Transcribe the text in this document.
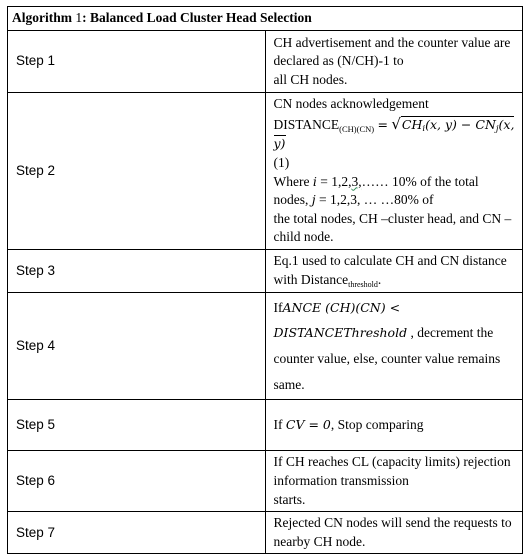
Algorithm 1: Balanced Load Cluster Head Selection	
Step 1	CH advertisement and the counter value are declared as (N/CH)-1 to
all CH nodes.
Step 2	CN nodes acknowledgement
$DISTANCE_{(CH)(CN)} = √CH_i(x$, $y) - CN_j(x$, y)
(1)
Where i = 1,2,3,…… 10% of the total nodes, j = 1,2,3, … …80% of
the total nodes, CH –cluster head, and CN – child node.
Step 3	Eq.1 used to calculate CH and CN distance with Distance$_{threshold}$.
Step 4	IfANCE (CH)(CN) < DISTANCEThreshold , decrement the
counter value, else, counter value remains same.
Step 5	If CV = 0, Stop comparing
Step 6	If CH reaches CL (capacity limits) rejection information transmission
starts.
Step 7	Rejected CN nodes will send the requests to nearby CH node.
